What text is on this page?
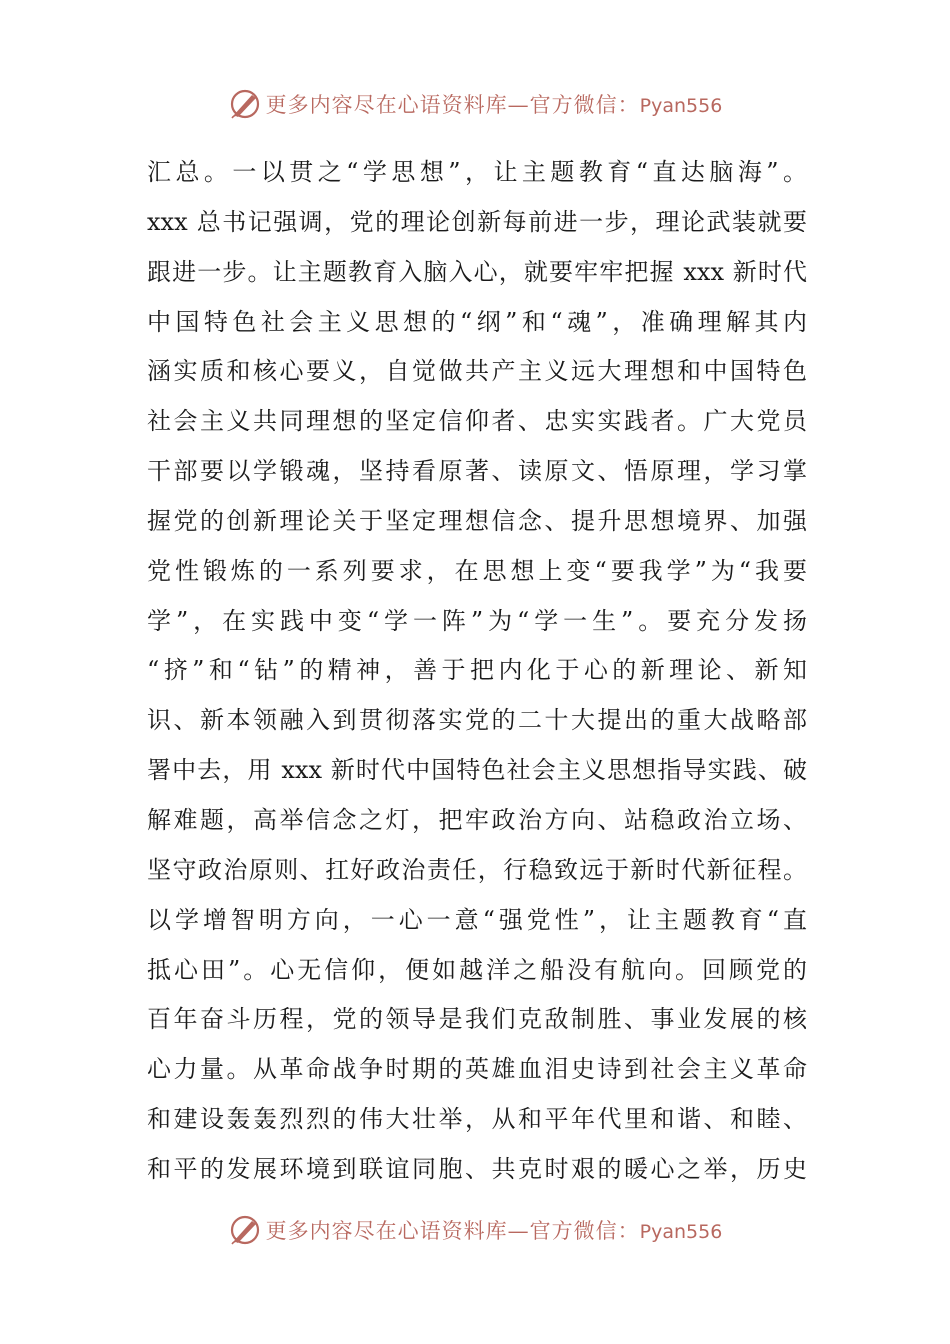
更多内容尽在心语资料库—官方微信：Pyan556
汇总。一以贯之“学思想”，让主题教育“直达脑海”。
xxx 总书记强调，党的理论创新每前进一步，理论武装就要
跟进一步。让主题教育入脑入心，就要牢牢把握 xxx 新时代
中国特色社会主义思想的“纲”和“魂”，准确理解其内
涵实质和核心要义，自觉做共产主义远大理想和中国特色
社会主义共同理想的坚定信仰者、忠实实践者。广大党员
干部要以学锻魂，坚持看原著、读原文、悟原理，学习掌
握党的创新理论关于坚定理想信念、提升思想境界、加强
党性锻炼的一系列要求，在思想上变“要我学”为“我要
学”，在实践中变“学一阵”为“学一生”。要充分发扬
“挤”和“钻”的精神，善于把内化于心的新理论、新知
识、新本领融入到贯彻落实党的二十大提出的重大战略部
署中去，用 xxx 新时代中国特色社会主义思想指导实践、破
解难题，高举信念之灯，把牢政治方向、站稳政治立场、
坚守政治原则、扛好政治责任，行稳致远于新时代新征程。
以学增智明方向，一心一意“强党性”，让主题教育“直
抵心田”。心无信仰，便如越洋之船没有航向。回顾党的
百年奋斗历程，党的领导是我们克敌制胜、事业发展的核
心力量。从革命战争时期的英雄血泪史诗到社会主义革命
和建设轰轰烈烈的伟大壮举，从和平年代里和谐、和睦、
和平的发展环境到联谊同胞、共克时艰的暖心之举，历史
更多内容尽在心语资料库—官方微信：Pyan556
